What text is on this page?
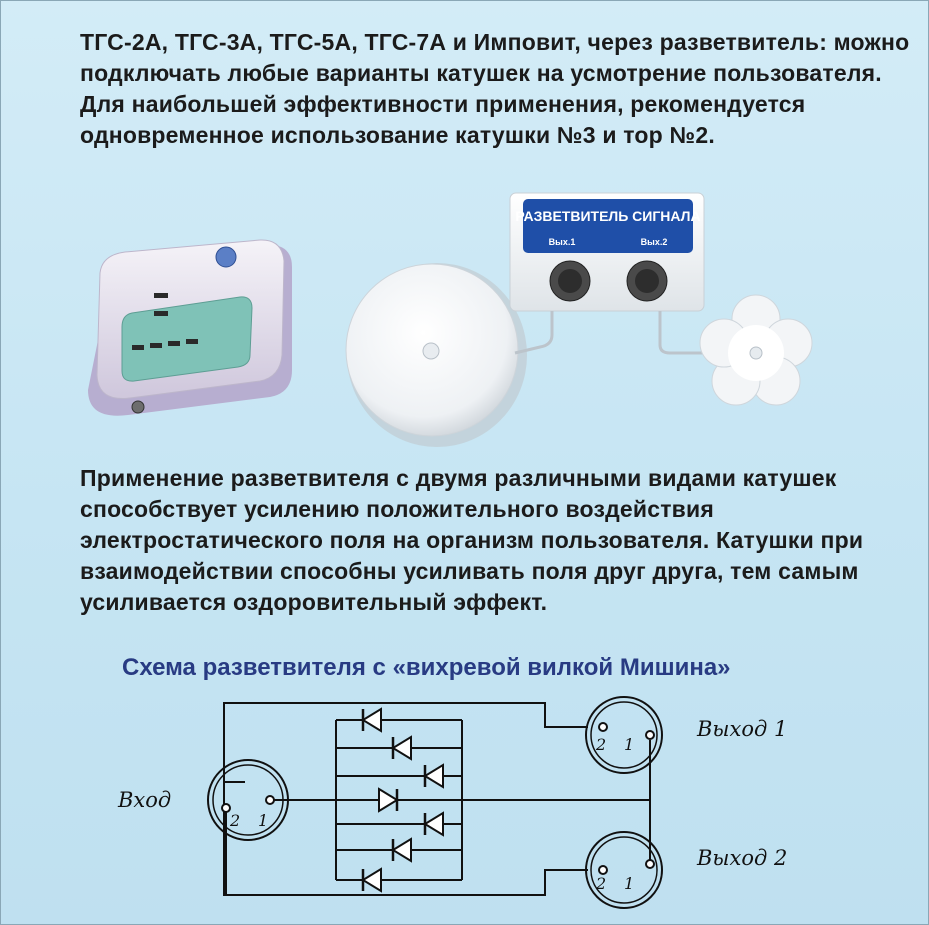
ТГС-2А, ТГС-3А, ТГС-5А, ТГС-7А и Имповит, через разветвитель: можно подключать любые варианты катушек на усмотрение пользователя. Для наибольшей эффективности применения, рекомендуется одновременное использование катушки №3 и тор №2.

РАЗВЕТВИТЕЛЬ СИГНАЛА
Вых.1	Вых.2

Применение разветвителя с двумя различными видами катушек способствует усилению положительного воздействия электростатического поля на организм пользователя. Катушки при взаимодействии способны усиливать поля друг друга, тем самым усиливается оздоровительный эффект.

Схема разветвителя с «вихревой вилкой Мишина»

2 1
2 1
2 1
Вход
Выход 1
Выход 2
